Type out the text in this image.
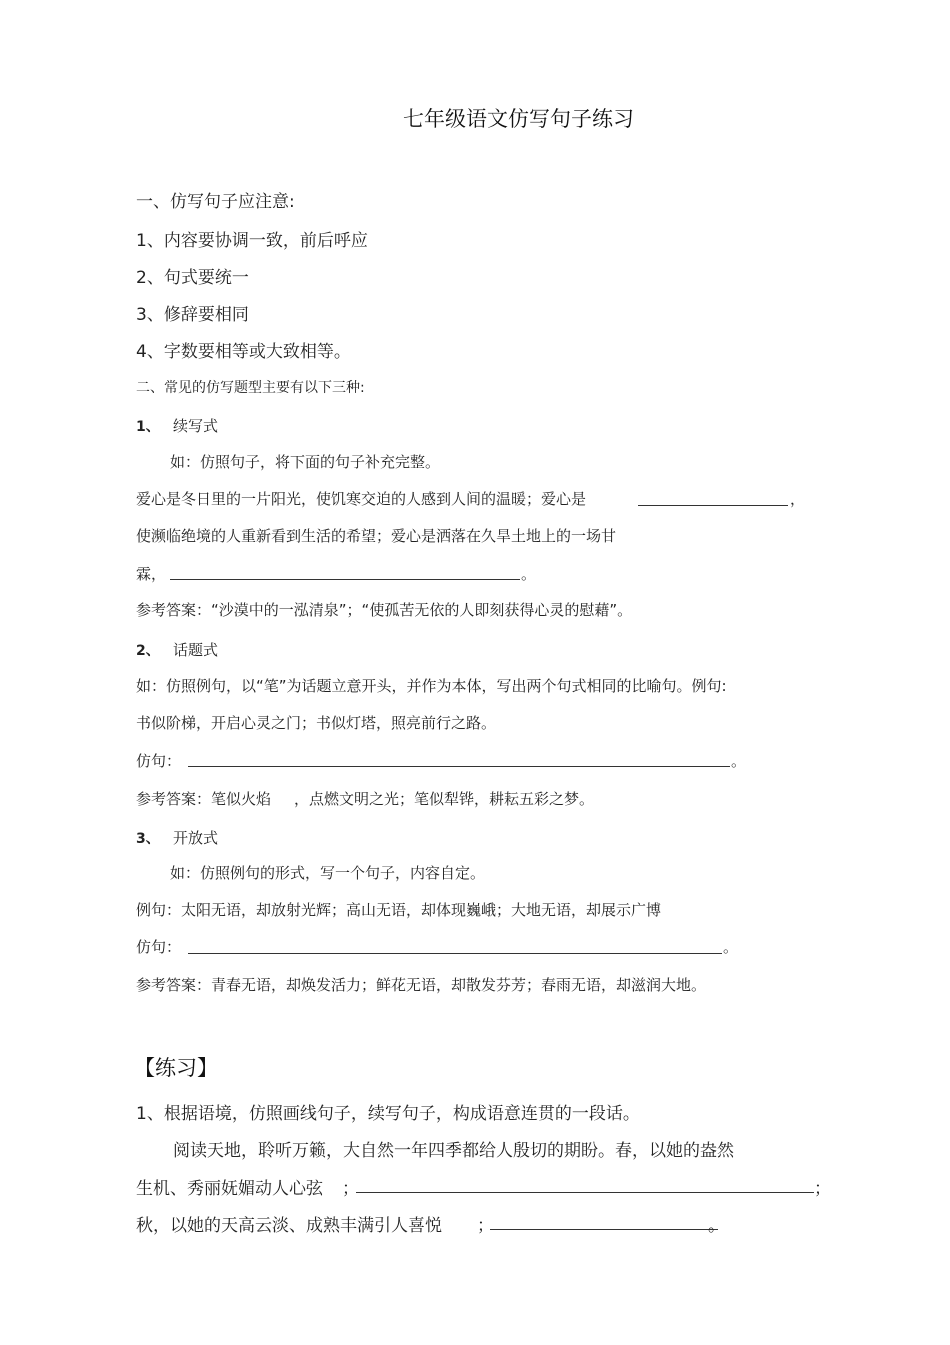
七年级语文仿写句子练习
一、仿写句子应注意:
1、内容要协调一致，前后呼应
2、句式要统一
3、修辞要相同
4、字数要相等或大致相等。
二、常见的仿写题型主要有以下三种:
1、 续写式
如：仿照句子，将下面的句子补充完整。
爱心是冬日里的一片阳光，使饥寒交迫的人感到人间的温暖；爱心是	，
使濒临绝境的人重新看到生活的希望；爱心是洒落在久旱土地上的一场甘
霖，	。
参考答案：“沙漠中的一泓清泉”；“使孤苦无依的人即刻获得心灵的慰藉”。
2、 话题式
如：仿照例句，以“笔”为话题立意开头，并作为本体，写出两个句式相同的比喻句。例句:
书似阶梯，开启心灵之门；书似灯塔，照亮前行之路。
仿句：	。
参考答案：笔似火焰 ，点燃文明之光；笔似犁铧，耕耘五彩之梦。
3、 开放式
如：仿照例句的形式，写一个句子，内容自定。
例句：太阳无语，却放射光辉；高山无语，却体现巍峨；大地无语，却展示广博
仿句：	。
参考答案：青春无语，却焕发活力；鲜花无语，却散发芬芳；春雨无语，却滋润大地。
【练习】
1、根据语境，仿照画线句子，续写句子，构成语意连贯的一段话。
阅读天地，聆听万籁，大自然一年四季都给人殷切的期盼。春，以她的盎然
生机、秀丽妩媚动人心弦 ；	；
秋，以她的天高云淡、成熟丰满引人喜悦 ；	。
